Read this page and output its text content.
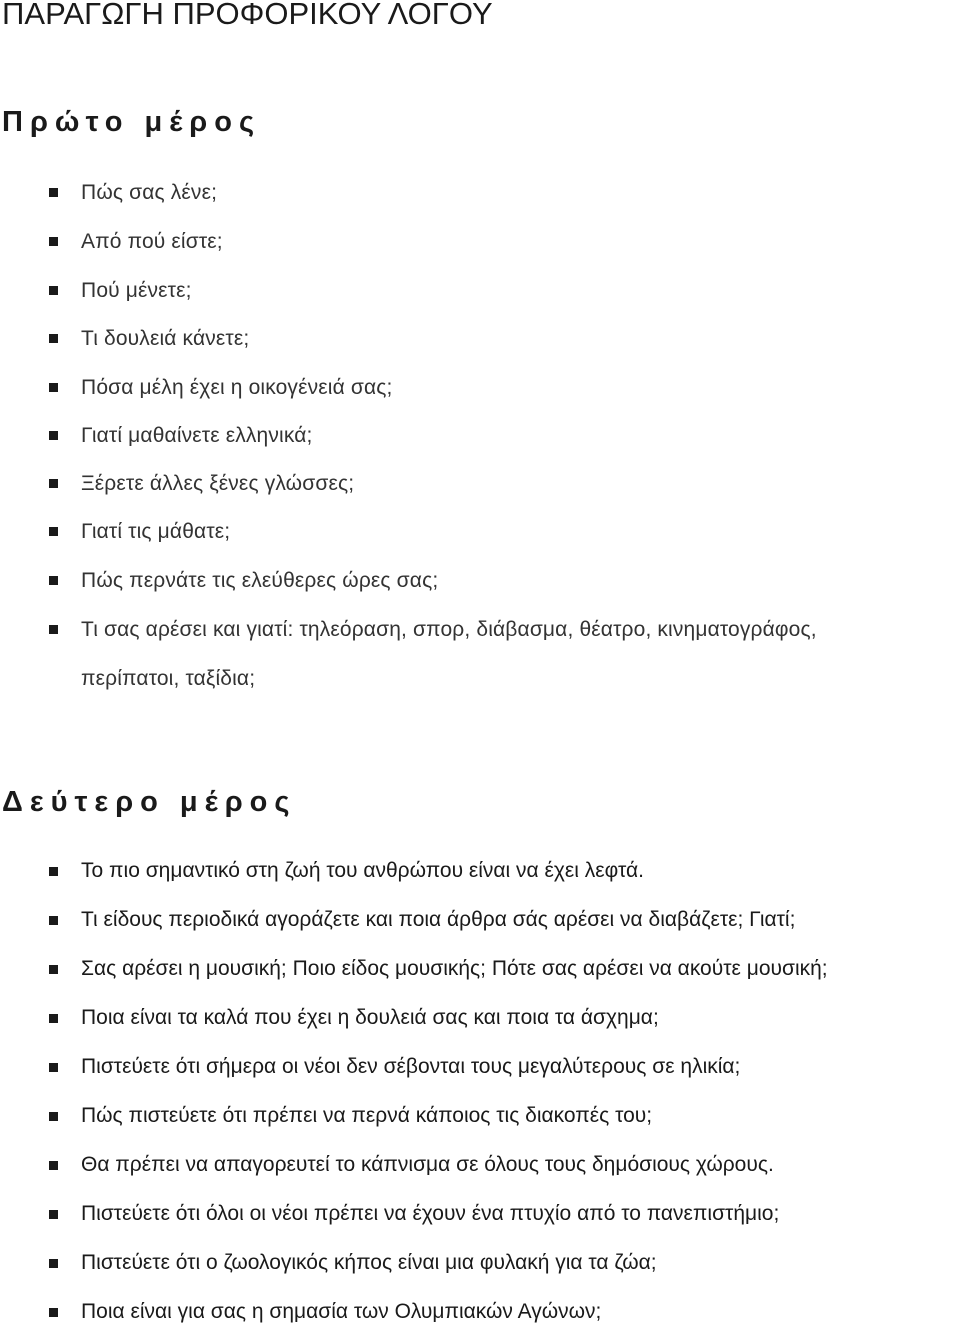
ΠΑΡΑΓΩΓΗ ΠΡΟΦΟΡΙΚΟΥ ΛΟΓΟΥ
Πρώτο μέρος
Πώς σας λένε;
Από πού είστε;
Πού μένετε;
Τι δουλειά κάνετε;
Πόσα μέλη έχει η οικογένειά σας;
Γιατί μαθαίνετε ελληνικά;
Ξέρετε άλλες ξένες γλώσσες;
Γιατί τις μάθατε;
Πώς περνάτε τις ελεύθερες ώρες σας;
Τι σας αρέσει και γιατί: τηλεόραση, σπορ, διάβασμα, θέατρο, κινηματογράφος,
περίπατοι, ταξίδια;
Δεύτερο μέρος
Το πιο σημαντικό στη ζωή του ανθρώπου είναι να έχει λεφτά.
Τι είδους περιοδικά αγοράζετε και ποια άρθρα σάς αρέσει να διαβάζετε; Γιατί;
Σας αρέσει η μουσική; Ποιο είδος μουσικής; Πότε σας αρέσει να ακούτε μουσική;
Ποια είναι τα καλά που έχει η δουλειά σας και ποια τα άσχημα;
Πιστεύετε ότι σήμερα οι νέοι δεν σέβονται τους μεγαλύτερους σε ηλικία;
Πώς πιστεύετε ότι πρέπει να περνά κάποιος τις διακοπές του;
Θα πρέπει να απαγορευτεί το κάπνισμα σε όλους τους δημόσιους χώρους.
Πιστεύετε ότι όλοι οι νέοι πρέπει να έχουν ένα πτυχίο από το πανεπιστήμιο;
Πιστεύετε ότι ο ζωολογικός κήπος είναι μια φυλακή για τα ζώα;
Ποια είναι για σας η σημασία των Ολυμπιακών Αγώνων;
